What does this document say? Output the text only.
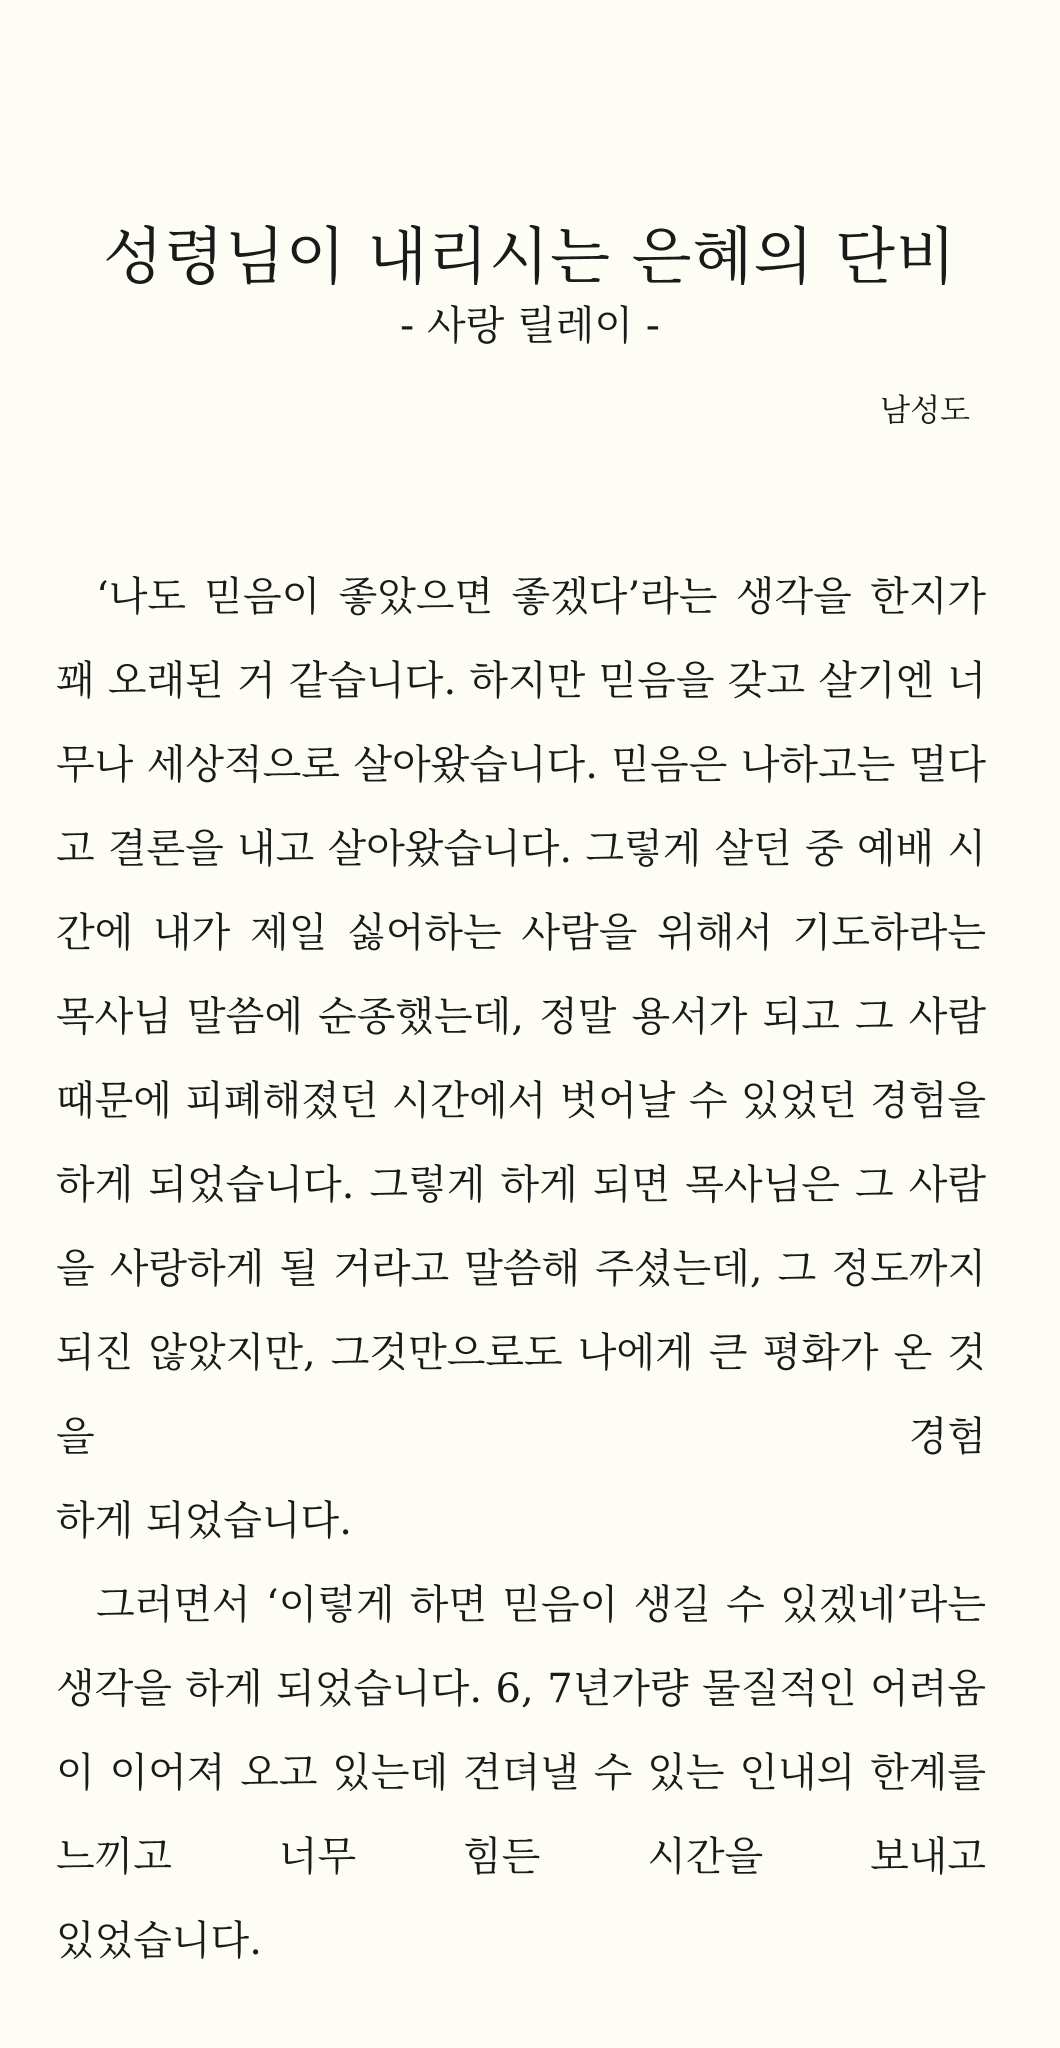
성령님이 내리시는 은혜의 단비

- 사랑 릴레이 -

남성도

‘나도 믿음이 좋았으면 좋겠다’라는 생각을 한지가 꽤 오래된 거 같습니다. 하지만 믿음을 갖고 살기엔 너무나 세상적으로 살아왔습니다. 믿음은 나하고는 멀다고 결론을 내고 살아왔습니다. 그렇게 살던 중 예배 시간에 내가 제일 싫어하는 사람을 위해서 기도하라는 목사님 말씀에 순종했는데, 정말 용서가 되고 그 사람 때문에 피폐해졌던 시간에서 벗어날 수 있었던 경험을 하게 되었습니다. 그렇게 하게 되면 목사님은 그 사람을 사랑하게 될 거라고 말씀해 주셨는데, 그 정도까지 되진 않았지만, 그것만으로도 나에게 큰 평화가 온 것을 경험

하게 되었습니다.

그러면서 ‘이렇게 하면 믿음이 생길 수 있겠네’라는 생각을 하게 되었습니다. 6, 7년가량 물질적인 어려움이 이어져 오고 있는데 견뎌낼 수 있는 인내의 한계를 느끼고 너무 힘든 시간을 보내고

있었습니다.
